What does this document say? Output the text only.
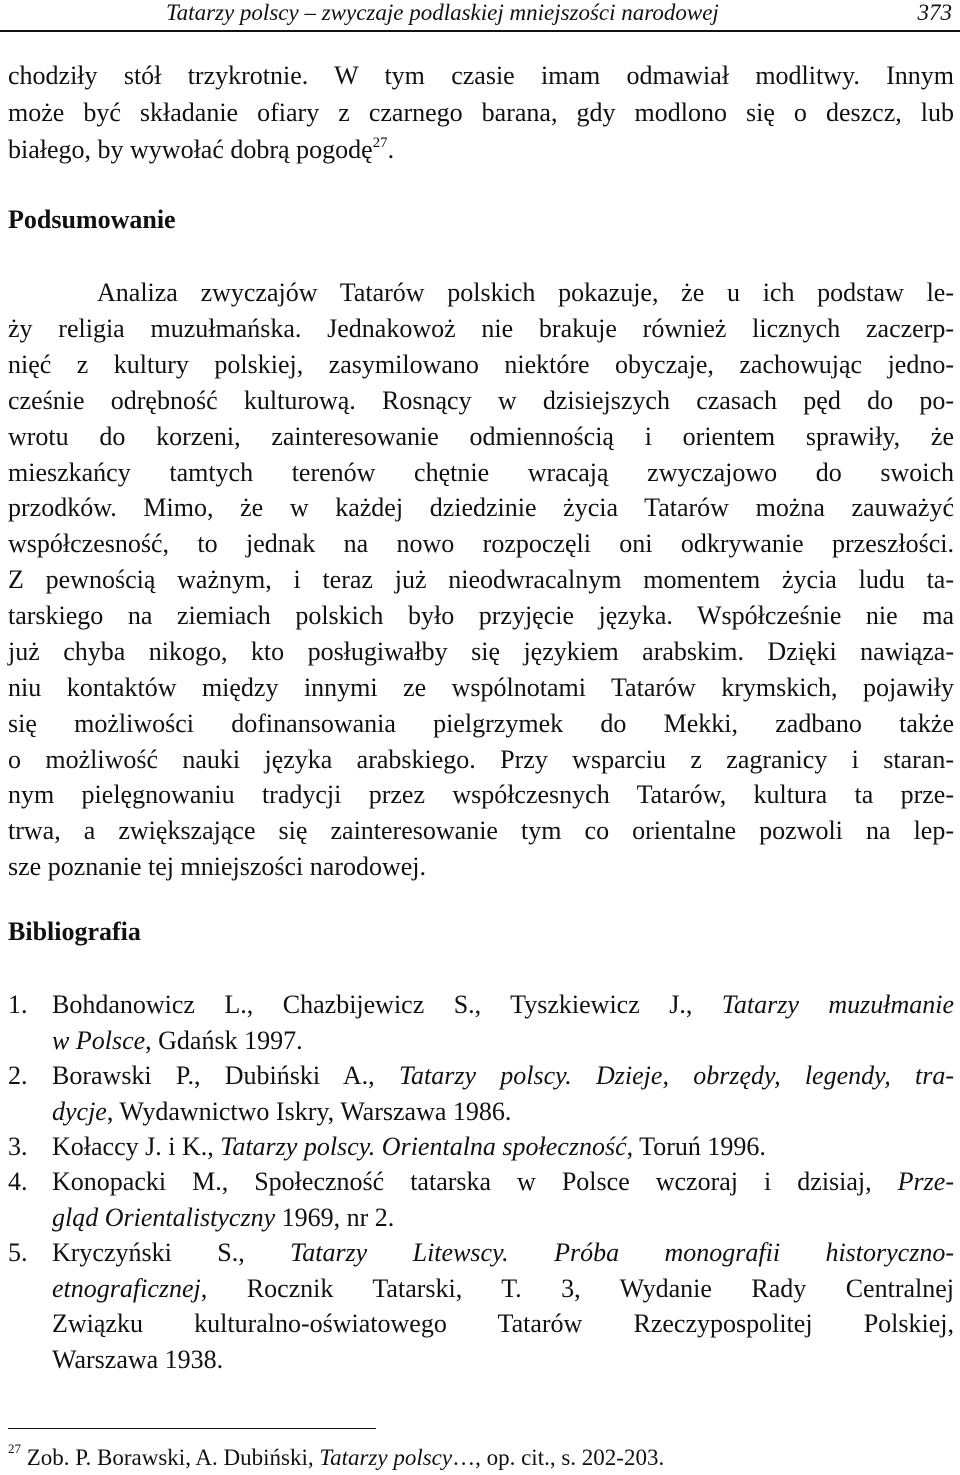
Tatarzy polscy – zwyczaje podlaskiej mniejszości narodowej	373
chodziły stół trzykrotnie. W tym czasie imam odmawiał modlitwy. Innym
może być składanie ofiary z czarnego barana, gdy modlono się o deszcz, lub
białego, by wywołać dobrą pogodę$^{27}$.
Podsumowanie
Analiza zwyczajów Tatarów polskich pokazuje, że u ich podstaw le-
ży religia muzułmańska. Jednakowoż nie brakuje również licznych zaczerp-
nięć z kultury polskiej, zasymilowano niektóre obyczaje, zachowując jedno-
cześnie odrębność kulturową. Rosnący w dzisiejszych czasach pęd do po-
wrotu do korzeni, zainteresowanie odmiennością i orientem sprawiły, że
mieszkańcy tamtych terenów chętnie wracają zwyczajowo do swoich
przodków. Mimo, że w każdej dziedzinie życia Tatarów można zauważyć
współczesność, to jednak na nowo rozpoczęli oni odkrywanie przeszłości.
Z pewnością ważnym, i teraz już nieodwracalnym momentem życia ludu ta-
tarskiego na ziemiach polskich było przyjęcie języka. Współcześnie nie ma
już chyba nikogo, kto posługiwałby się językiem arabskim. Dzięki nawiąza-
niu kontaktów między innymi ze wspólnotami Tatarów krymskich, pojawiły
się możliwości dofinansowania pielgrzymek do Mekki, zadbano także
o możliwość nauki języka arabskiego. Przy wsparciu z zagranicy i staran-
nym pielęgnowaniu tradycji przez współczesnych Tatarów, kultura ta prze-
trwa, a zwiększające się zainteresowanie tym co orientalne pozwoli na lep-
sze poznanie tej mniejszości narodowej.
Bibliografia
1. Bohdanowicz L., Chazbijewicz S., Tyszkiewicz J., Tatarzy muzułmanie
w Polsce, Gdańsk 1997.
2. Borawski P., Dubiński A., Tatarzy polscy. Dzieje, obrzędy, legendy, tra-
dycje, Wydawnictwo Iskry, Warszawa 1986.
3. Kołaccy J. i K., Tatarzy polscy. Orientalna społeczność, Toruń 1996.
4. Konopacki M., Społeczność tatarska w Polsce wczoraj i dzisiaj, Prze-
gląd Orientalistyczny 1969, nr 2.
5. Kryczyński S., Tatarzy Litewscy. Próba monografii historyczno-
etnograficznej, Rocznik Tatarski, T. 3, Wydanie Rady Centralnej
Związku kulturalno-oświatowego Tatarów Rzeczypospolitej Polskiej,
Warszawa 1938.
$^{27}$ Zob. P. Borawski, A. Dubiński, Tatarzy polscy…, op. cit., s. 202-203.
